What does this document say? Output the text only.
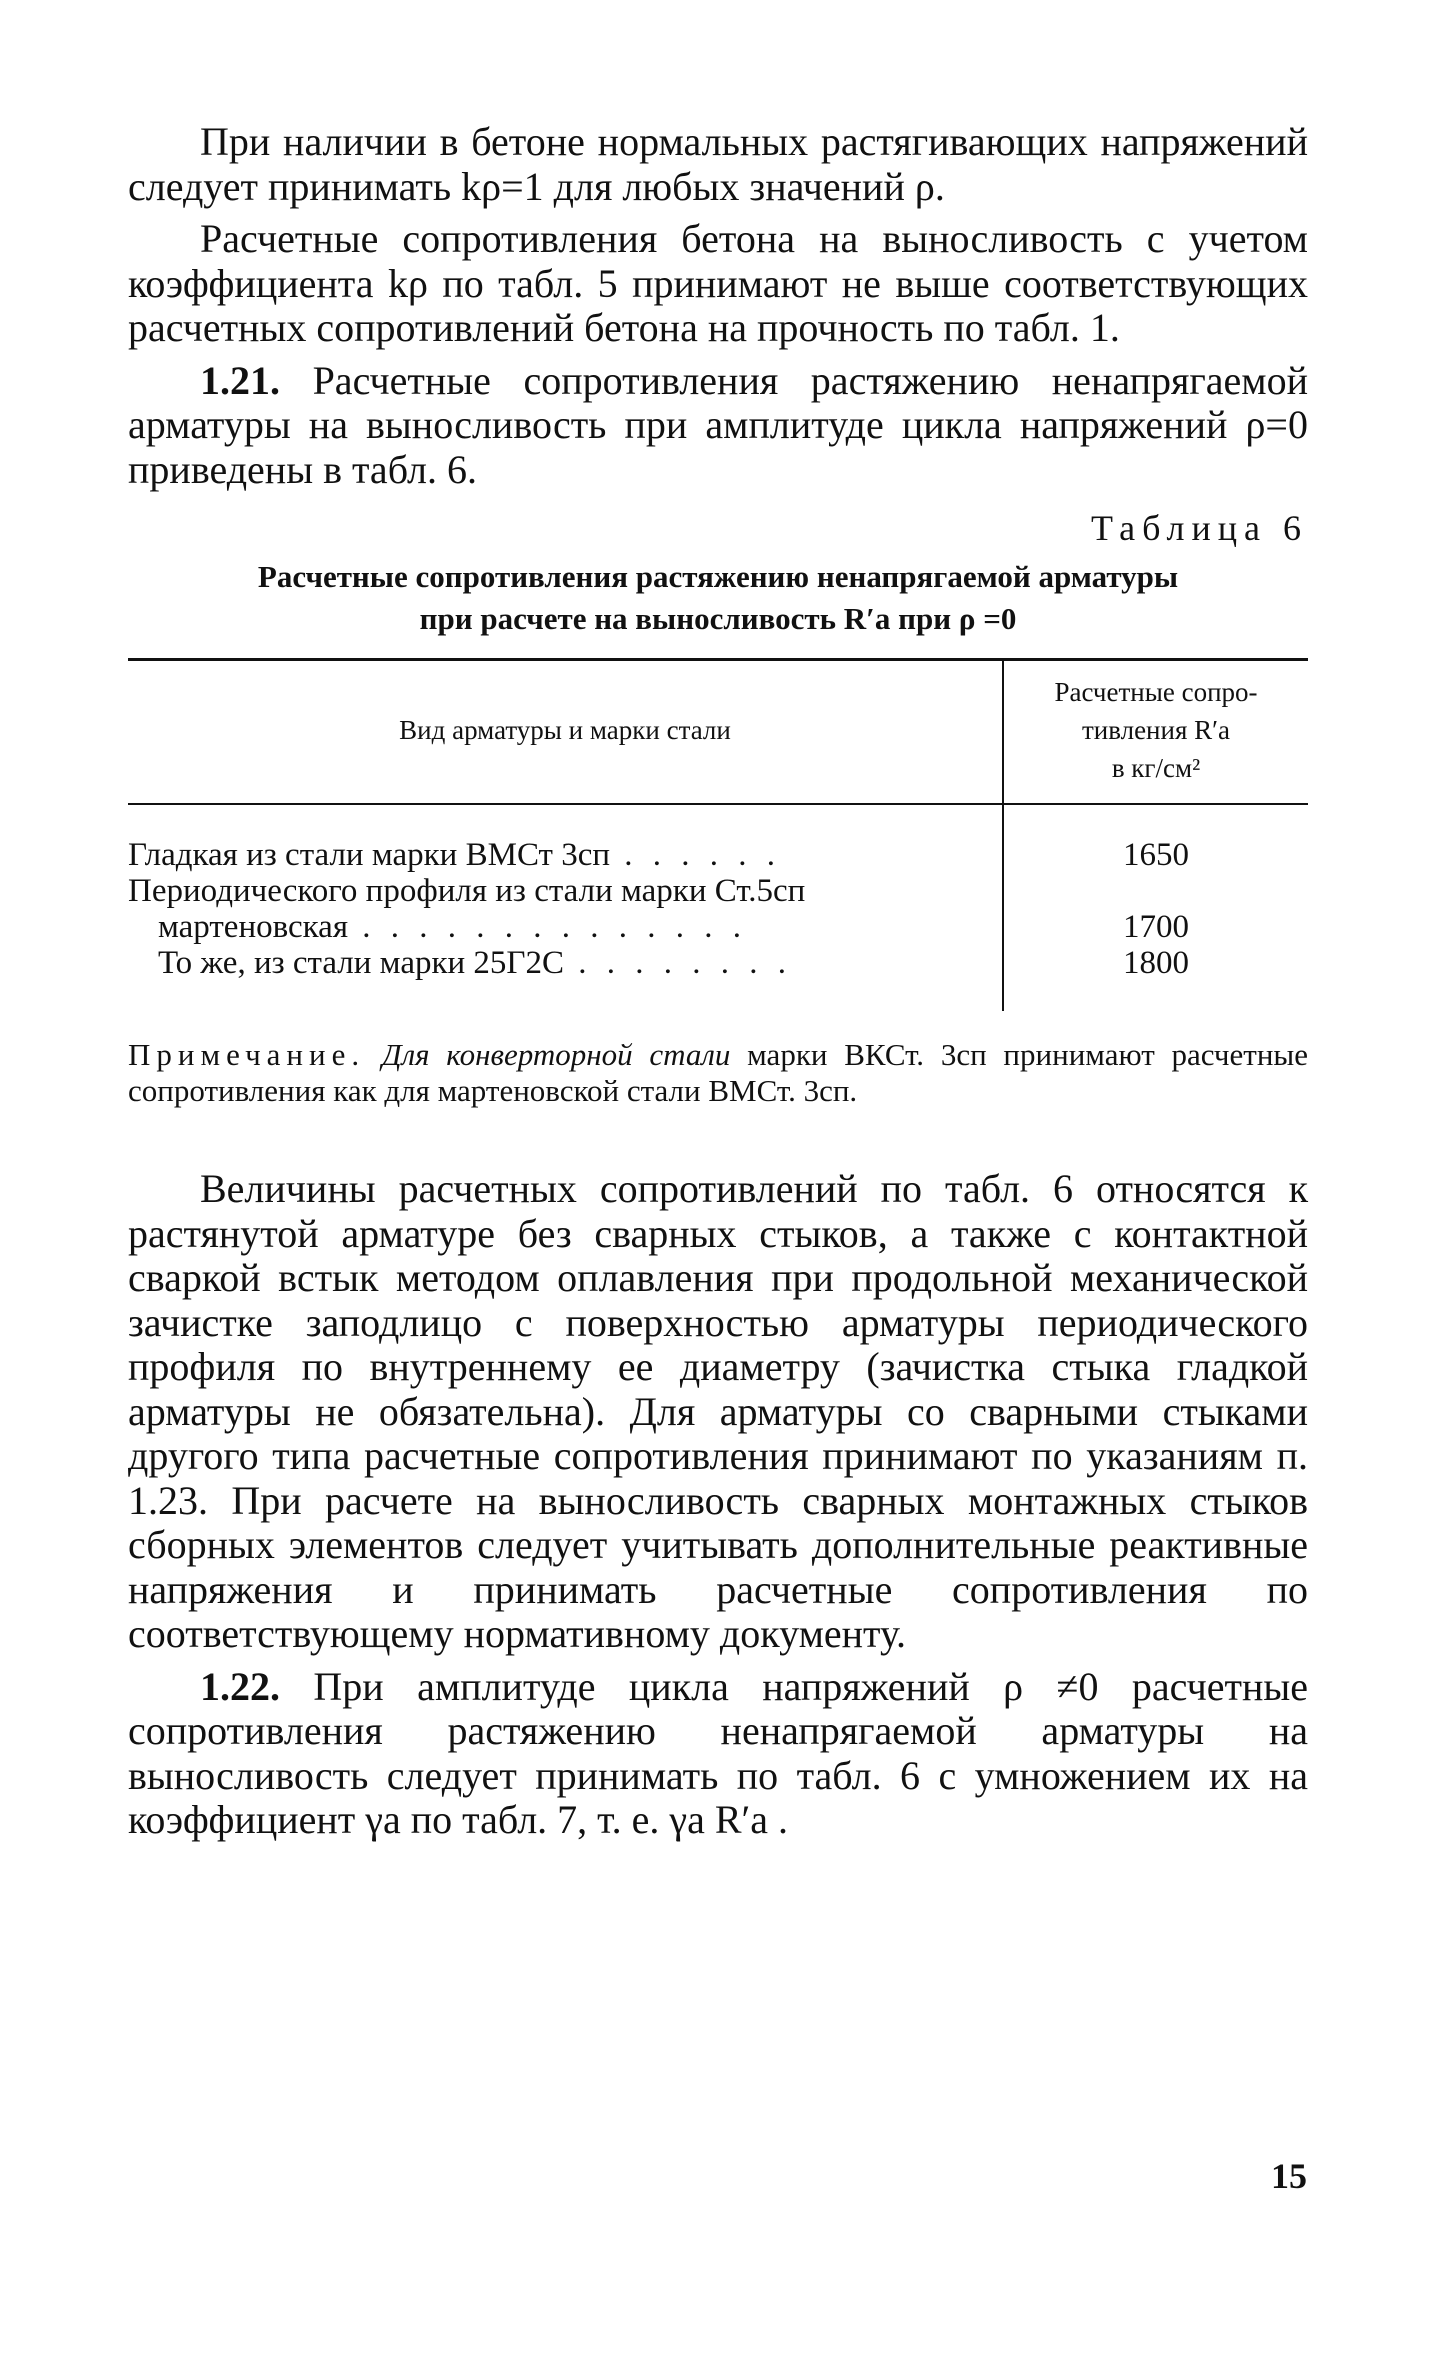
При наличии в бетоне нормальных растягивающих напряжений следует принимать kρ=1 для любых значений ρ.

Расчетные сопротивления бетона на выносливость с учетом коэффициента kρ по табл. 5 принимают не выше соответствующих расчетных сопротивлений бетона на прочность по табл. 1.

1.21. Расчетные сопротивления растяжению ненапрягаемой арматуры на выносливость при амплитуде цикла напряжений ρ=0 приведены в табл. 6.

Таблица 6
Расчетные сопротивления растяжению ненапрягаемой арматуры
при расчете на выносливость R′а при ρ =0
Вид арматуры и марки стали	Расчетные сопро-
тивления R′а
в кг/см²

Гладкая из стали марки ВМСт 3сп . . . . . .	1650

Периодического профиля из стали марки Ст.5сп
мартеновская . . . . . . . . . . . . . .	1700

То же, из стали марки 25Г2С . . . . . . . .	1800

Примечание. Для конверторной стали марки ВКСт. 3сп принимают расчетные сопротивления как для мартеновской стали ВМСт. 3сп.

Величины расчетных сопротивлений по табл. 6 относятся к растянутой арматуре без сварных стыков, а также с контактной сваркой встык методом оплавления при продольной механической зачистке заподлицо с поверхностью арматуры периодического профиля по внутреннему ее диаметру (зачистка стыка гладкой арматуры не обязательна). Для арматуры со сварными стыками другого типа расчетные сопротивления принимают по указаниям п. 1.23. При расчете на выносливость сварных монтажных стыков сборных элементов следует учитывать дополнительные реактивные напряжения и принимать расчетные сопротивления по соответствующему нормативному документу.

1.22. При амплитуде цикла напряжений ρ ≠0 расчетные сопротивления растяжению ненапрягаемой арматуры на выносливость следует принимать по табл. 6 с умножением их на коэффициент γа по табл. 7, т. е. γа R′а .

15
